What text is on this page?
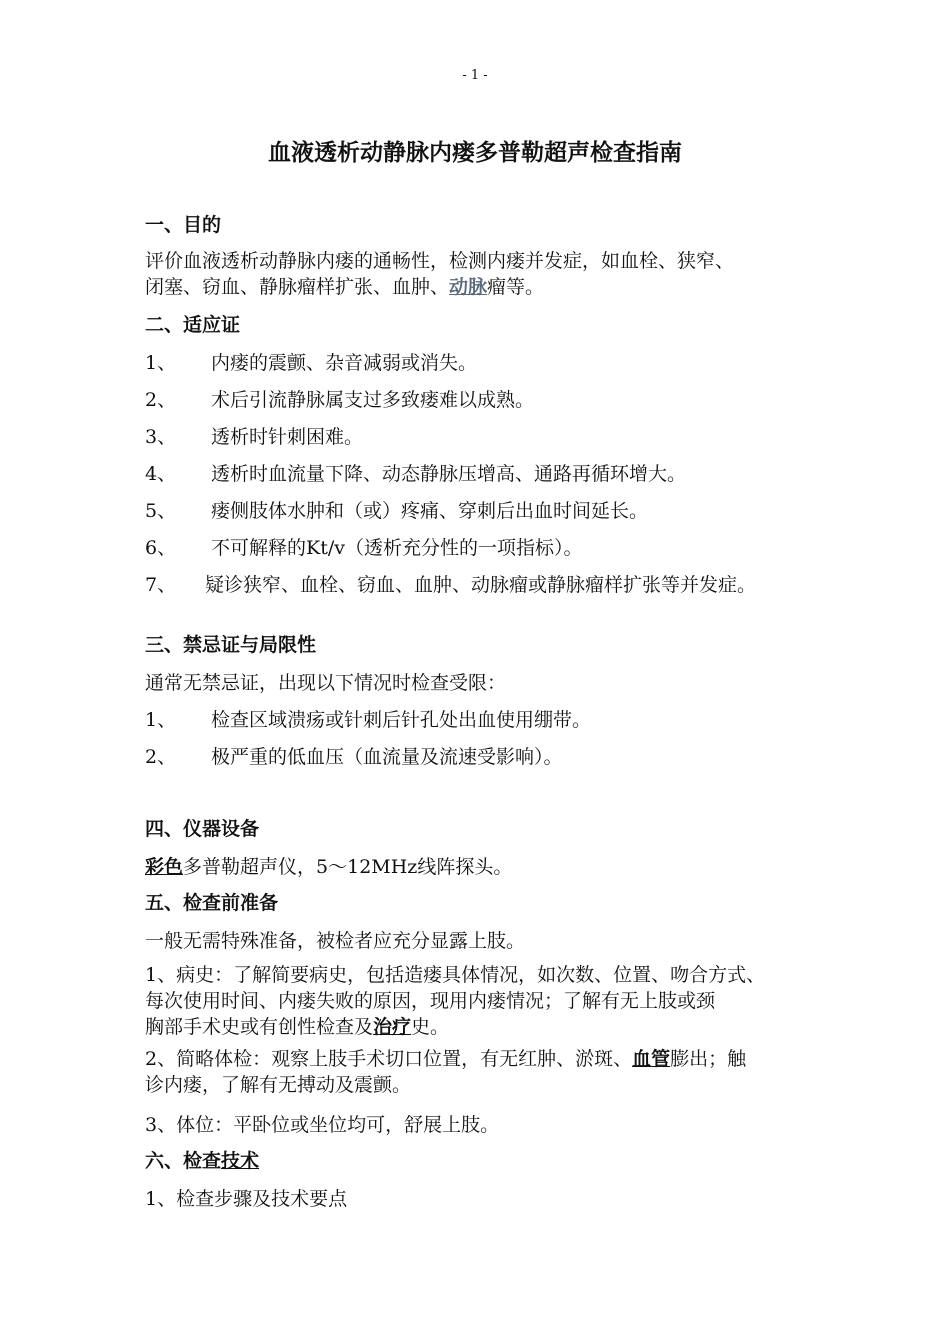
- 1 -
血液透析动静脉内瘘多普勒超声检查指南
一、目的
评价血液透析动静脉内瘘的通畅性，检测内瘘并发症，如血栓、狭窄、
闭塞、窃血、静脉瘤样扩张、血肿、动脉瘤等。
二、适应证
1、 内瘘的震颤、杂音减弱或消失。
2、 术后引流静脉属支过多致瘘难以成熟。
3、 透析时针刺困难。
4、 透析时血流量下降、动态静脉压增高、通路再循环增大。
5、 瘘侧肢体水肿和（或）疼痛、穿刺后出血时间延长。
6、 不可解释的Kt/v（透析充分性的一项指标）。
7、 疑诊狭窄、血栓、窃血、血肿、动脉瘤或静脉瘤样扩张等并发症。
三、禁忌证与局限性
通常无禁忌证，出现以下情况时检查受限：
1、 检查区域溃疡或针刺后针孔处出血使用绷带。
2、 极严重的低血压（血流量及流速受影响）。
四、仪器设备
彩色多普勒超声仪，5～12MHz线阵探头。
五、检查前准备
一般无需特殊准备，被检者应充分显露上肢。
1、病史：了解简要病史，包括造瘘具体情况，如次数、位置、吻合方式、
每次使用时间、内瘘失败的原因，现用内瘘情况；了解有无上肢或颈
胸部手术史或有创性检查及治疗史。
2、简略体检：观察上肢手术切口位置，有无红肿、淤斑、血管膨出；触
诊内瘘，了解有无搏动及震颤。
3、体位：平卧位或坐位均可，舒展上肢。
六、检查技术
1、检查步骤及技术要点
